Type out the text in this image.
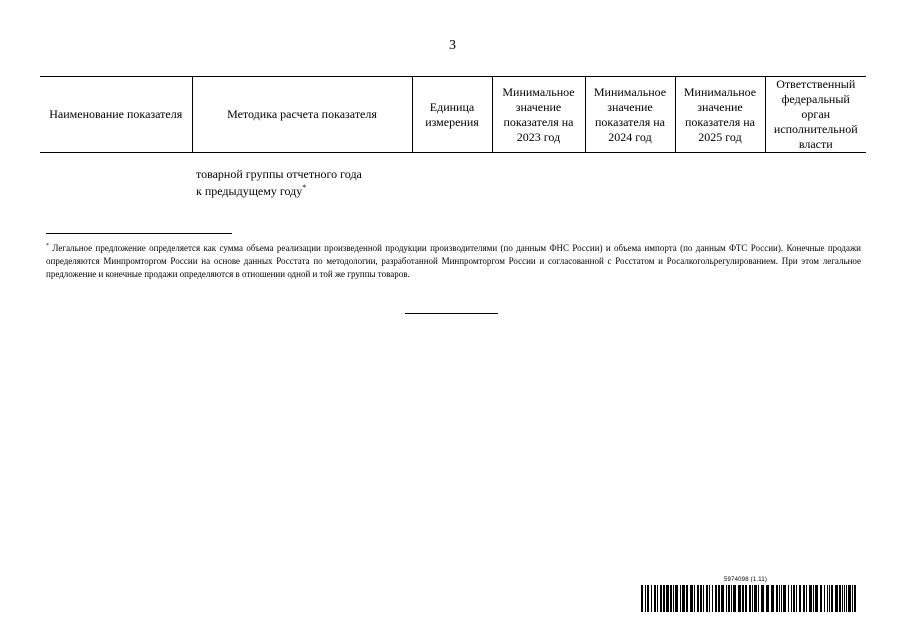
3
Наименование показателя	Методика расчета показателя	Единица измерения	Минимальное значение показателя на 2023 год	Минимальное значение показателя на 2024 год	Минимальное значение показателя на 2025 год	Ответственный федеральный орган исполнительной власти
товарной группы отчетного года
к предыдущему году*
* Легальное предложение определяется как сумма объема реализации произведенной продукции производителями (по данным ФНС России) и объема импорта (по данным ФТС России). Конечные продажи определяются Минпромторгом России на основе данных Росстата по методологии, разработанной Минпромторгом России и согласованной с Росстатом и Росалкогольрегулированием. При этом легальное предложение и конечные продажи определяются в отношении одной и той же группы товаров.
5974098 (1.11)
